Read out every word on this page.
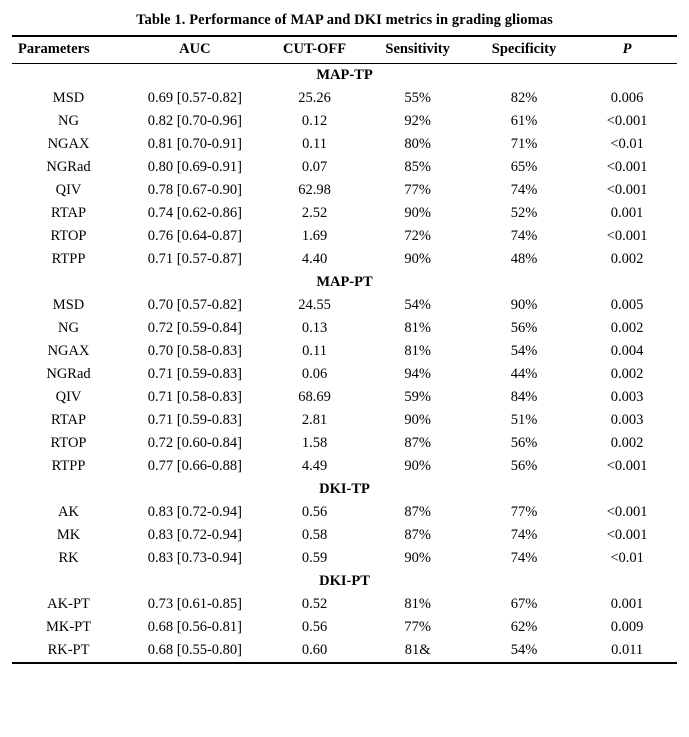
Table 1. Performance of MAP and DKI metrics in grading gliomas
Parameters	AUC	CUT-OFF	Sensitivity	Specificity	P
MAP-TP					
MSD	0.69 [0.57-0.82]	25.26	55%	82%	0.006
NG	0.82 [0.70-0.96]	0.12	92%	61%	<0.001
NGAX	0.81 [0.70-0.91]	0.11	80%	71%	<0.01
NGRad	0.80 [0.69-0.91]	0.07	85%	65%	<0.001
QIV	0.78 [0.67-0.90]	62.98	77%	74%	<0.001
RTAP	0.74 [0.62-0.86]	2.52	90%	52%	0.001
RTOP	0.76 [0.64-0.87]	1.69	72%	74%	<0.001
RTPP	0.71 [0.57-0.87]	4.40	90%	48%	0.002
MAP-PT					
MSD	0.70 [0.57-0.82]	24.55	54%	90%	0.005
NG	0.72 [0.59-0.84]	0.13	81%	56%	0.002
NGAX	0.70 [0.58-0.83]	0.11	81%	54%	0.004
NGRad	0.71 [0.59-0.83]	0.06	94%	44%	0.002
QIV	0.71 [0.58-0.83]	68.69	59%	84%	0.003
RTAP	0.71 [0.59-0.83]	2.81	90%	51%	0.003
RTOP	0.72 [0.60-0.84]	1.58	87%	56%	0.002
RTPP	0.77 [0.66-0.88]	4.49	90%	56%	<0.001
DKI-TP					
AK	0.83 [0.72-0.94]	0.56	87%	77%	<0.001
MK	0.83 [0.72-0.94]	0.58	87%	74%	<0.001
RK	0.83 [0.73-0.94]	0.59	90%	74%	<0.01
DKI-PT					
AK-PT	0.73 [0.61-0.85]	0.52	81%	67%	0.001
MK-PT	0.68 [0.56-0.81]	0.56	77%	62%	0.009
RK-PT	0.68 [0.55-0.80]	0.60	81&	54%	0.011
